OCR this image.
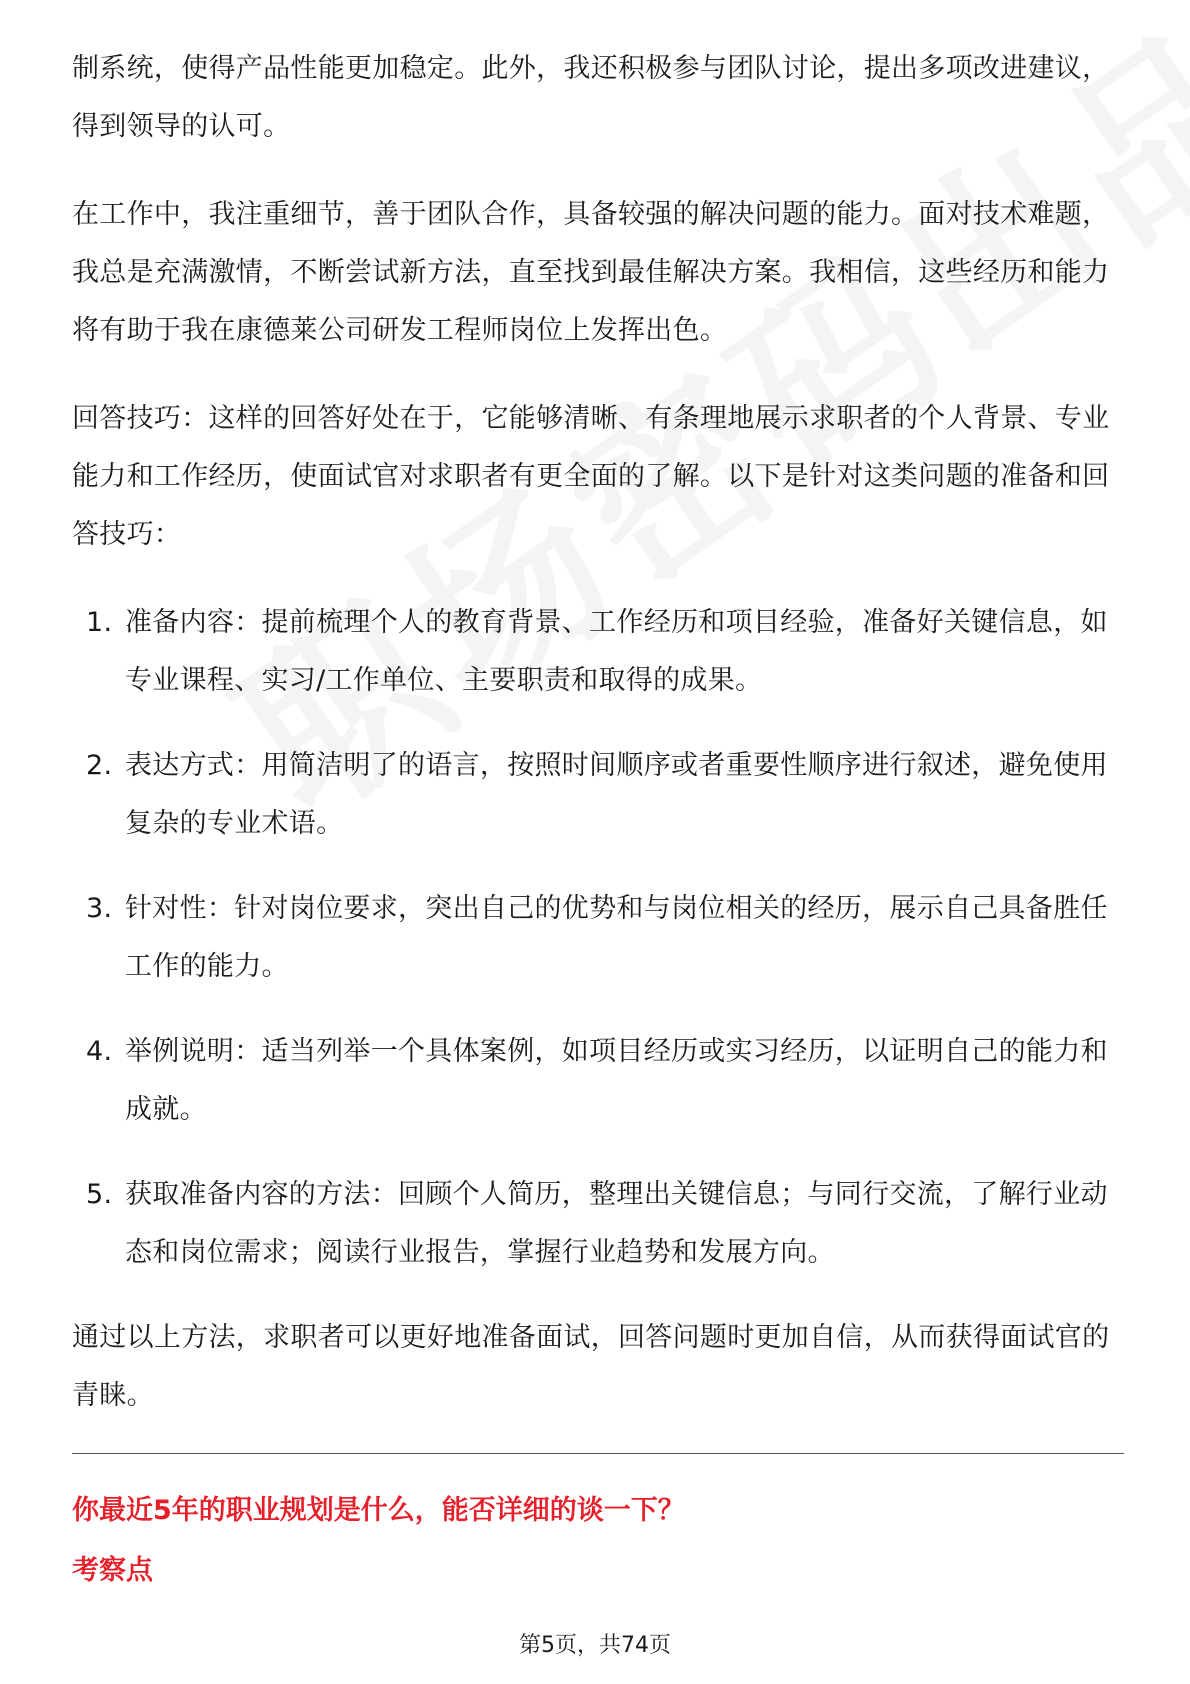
制系统，使得产品性能更加稳定。此外，我还积极参与团队讨论，提出多项改进建议，得到领导的认可。

在工作中，我注重细节，善于团队合作，具备较强的解决问题的能力。面对技术难题，我总是充满激情，不断尝试新方法，直至找到最佳解决方案。我相信，这些经历和能力将有助于我在康德莱公司研发工程师岗位上发挥出色。

回答技巧：这样的回答好处在于，它能够清晰、有条理地展示求职者的个人背景、专业能力和工作经历，使面试官对求职者有更全面的了解。以下是针对这类问题的准备和回答技巧：

1. 准备内容：提前梳理个人的教育背景、工作经历和项目经验，准备好关键信息，如专业课程、实习/工作单位、主要职责和取得的成果。
2. 表达方式：用简洁明了的语言，按照时间顺序或者重要性顺序进行叙述，避免使用复杂的专业术语。
3. 针对性：针对岗位要求，突出自己的优势和与岗位相关的经历，展示自己具备胜任工作的能力。
4. 举例说明：适当列举一个具体案例，如项目经历或实习经历，以证明自己的能力和成就。
5. 获取准备内容的方法：回顾个人简历，整理出关键信息；与同行交流，了解行业动态和岗位需求；阅读行业报告，掌握行业趋势和发展方向。

通过以上方法，求职者可以更好地准备面试，回答问题时更加自信，从而获得面试官的青睐。

你最近5年的职业规划是什么，能否详细的谈一下？
考察点
第5页，共74页
